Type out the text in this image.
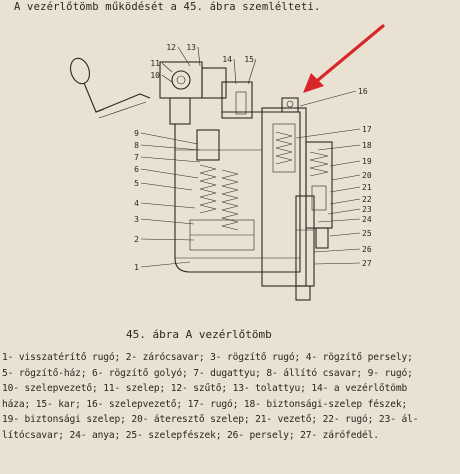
A vezérlőtömb működését a 45. ábra szemlélteti.
12 13
11
10
14 15
9
8
7
6
5
4
3
2
1
16
17
18
19
20
21
22
23
24
25
26
27
45. ábra A vezérlőtömb
1- visszatérítő rugó; 2- zárócsavar; 3- rögzítő rugó; 4- rögzítő persely;
5- rögzítő-ház; 6- rögzítő golyó; 7- dugattyu; 8- állító csavar; 9- rugó;
10- szelepvezető; 11- szelep; 12- szűtő; 13- tolattyu; 14- a vezérlőtömb
háza; 15- kar; 16- szelepvezető; 17- rugó; 18- biztonsági-szelep fészek;
19- biztonsági szelep; 20- áteresztő szelep; 21- vezető; 22- rugó; 23- ál-
lítócsavar; 24- anya; 25- szelepfészek; 26- persely; 27- zárófedél.
